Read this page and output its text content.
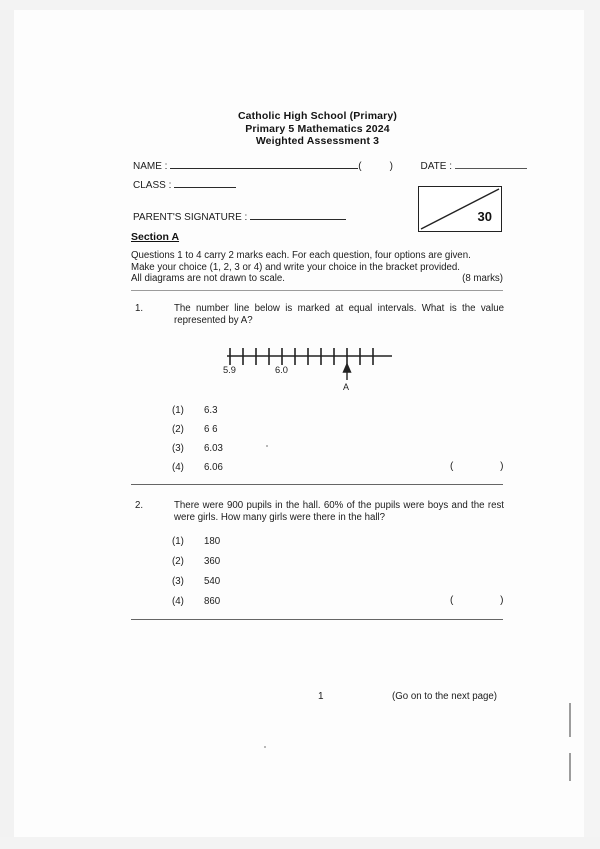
Catholic High School (Primary)
Primary 5 Mathematics 2024
Weighted Assessment 3
NAME :	(	)	DATE :
CLASS :
PARENT'S SIGNATURE :	30
Section A

Questions 1 to 4 carry 2 marks each. For each question, four options are given.

Make your choice (1, 2, 3 or 4) and write your choice in the bracket provided.

(8 marks)
All diagrams are not drawn to scale.

1.	The number line below is marked at equal intervals. What is the value represented by A?
5.9	6.0
A
(1) 6.3
(2) 6 6
(3) 6.03
(4) 6.06	( )
2.	There were 900 pupils in the hall. 60% of the pupils were boys and the rest were girls. How many girls were there in the hall?
(1) 180
(2) 360
(3) 540
(4) 860	( )
1	(Go on to the next page)
